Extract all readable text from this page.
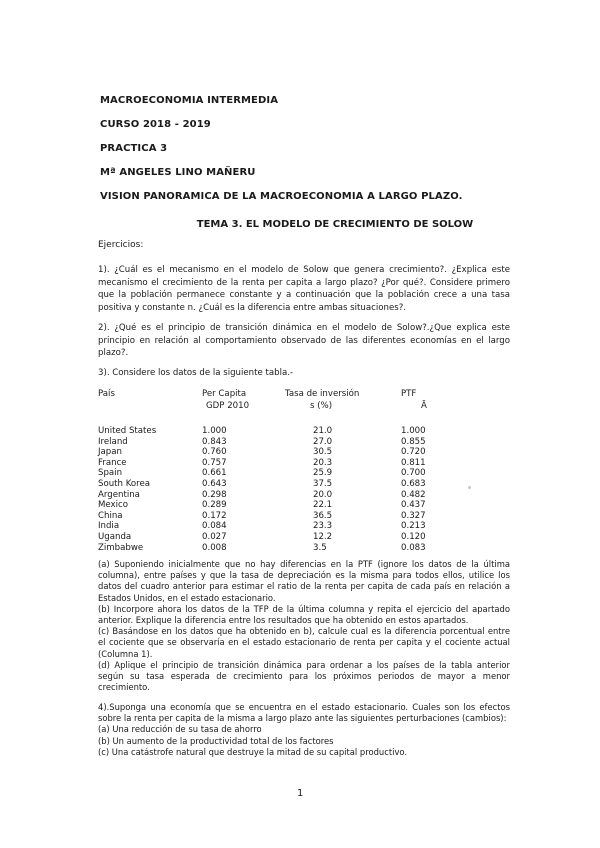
MACROECONOMIA INTERMEDIA
CURSO 2018 - 2019
PRACTICA 3
Mª ANGELES LINO MAÑERU
VISION PANORAMICA DE LA MACROECONOMIA A LARGO PLAZO.
TEMA 3. EL MODELO DE CRECIMIENTO DE SOLOW
Ejercicios:
1). ¿Cuál es el mecanismo en el modelo de Solow que genera crecimiento?. ¿Explica este mecanismo el crecimiento de la renta per capita a largo plazo? ¿Por qué?. Considere primero que la población permanece constante y a continuación que la población crece a una tasa positiva y constante n. ¿Cuál es la diferencia entre ambas situaciones?.
2). ¿Qué es el principio de transición dinámica en el modelo de Solow?.¿Que explica este principio en relación al comportamiento observado de las diferentes economías en el largo plazo?.
3). Considere los datos de la siguiente tabla.-
País	Per Capita	Tasa de inversión	PTF
GDP 2010	s (%)	Ā
United States	1.000	21.0	1.000
Ireland	0.843	27.0	0.855
Japan	0.760	30.5	0.720
France	0.757	20.3	0.811
Spain	0.661	25.9	0.700
South Korea	0.643	37.5	0.683
Argentina	0.298	20.0	0.482
Mexico	0.289	22.1	0.437
China	0.172	36.5	0.327
India	0.084	23.3	0.213
Uganda	0.027	12.2	0.120
Zimbabwe	0.008	3.5	0.083

(a) Suponiendo inicialmente que no hay diferencias en la PTF (ignore los datos de la última columna), entre países y que la tasa de depreciación es la misma para todos ellos, utilice los datos del cuadro anterior para estimar el ratio de la renta per capita de cada país en relación a Estados Unidos, en el estado estacionario.

(b) Incorpore ahora los datos de la TFP de la última columna y repita el ejercicio del apartado anterior. Explique la diferencia entre los resultados que ha obtenido en estos apartados.

(c) Basándose en los datos que ha obtenido en b), calcule cual es la diferencia porcentual entre el cociente que se observaría en el estado estacionario de renta per capita y el cociente actual (Columna 1).

(d) Aplique el principio de transición dinámica para ordenar a los países de la tabla anterior según su tasa esperada de crecimiento para los próximos periodos de mayor a menor crecimiento.

4).Suponga una economía que se encuentra en el estado estacionario. Cuales son los efectos sobre la renta per capita de la misma a largo plazo ante las siguientes perturbaciones (cambios):

(a) Una reducción de su tasa de ahorro

(b) Un aumento de la productividad total de los factores

(c) Una catástrofe natural que destruye la mitad de su capital productivo.

1
